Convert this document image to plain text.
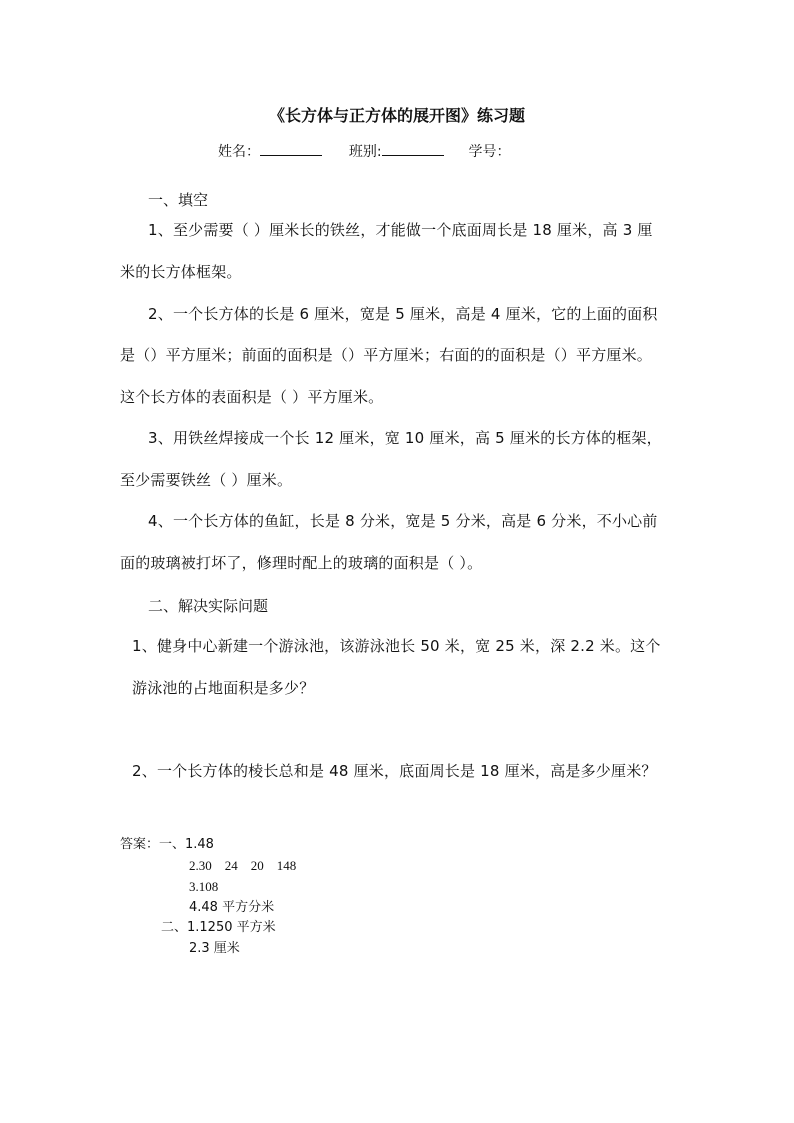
《长方体与正方体的展开图》练习题
姓名：	班别:	学号：
一、填空
1、至少需要（ ）厘米长的铁丝，才能做一个底面周长是 18 厘米，高 3 厘
米的长方体框架。
2、一个长方体的长是 6 厘米，宽是 5 厘米，高是 4 厘米，它的上面的面积
是（）平方厘米；前面的面积是（）平方厘米；右面的的面积是（）平方厘米。
这个长方体的表面积是（ ）平方厘米。
3、用铁丝焊接成一个长 12 厘米，宽 10 厘米，高 5 厘米的长方体的框架，
至少需要铁丝（ ）厘米。
4、一个长方体的鱼缸，长是 8 分米，宽是 5 分米，高是 6 分米，不小心前
面的玻璃被打坏了，修理时配上的玻璃的面积是（ ）。
二、解决实际问题
1、健身中心新建一个游泳池，该游泳池长 50 米，宽 25 米，深 2.2 米。这个
游泳池的占地面积是多少？
2、一个长方体的棱长总和是 48 厘米，底面周长是 18 厘米，高是多少厘米？
答案：一、1.48
2.30　24　20　148
3.108
4.48 平方分米
二、1.1250 平方米
2.3 厘米
